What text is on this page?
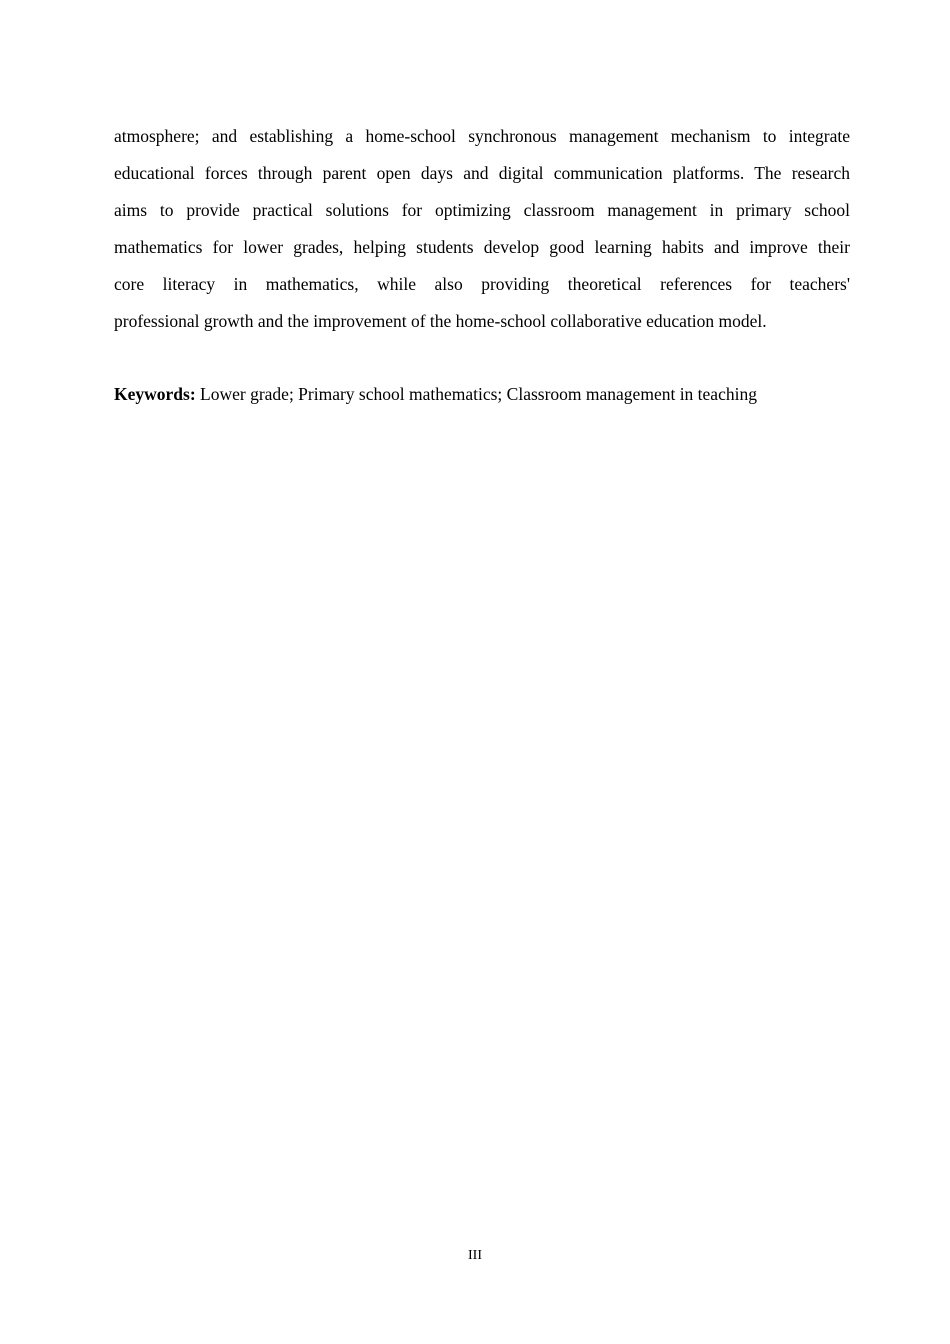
atmosphere; and establishing a home-school synchronous management mechanism to integrate
educational forces through parent open days and digital communication platforms. The research
aims to provide practical solutions for optimizing classroom management in primary school
mathematics for lower grades, helping students develop good learning habits and improve their
core literacy in mathematics, while also providing theoretical references for teachers'
professional growth and the improvement of the home-school collaborative education model.

Keywords: Lower grade; Primary school mathematics; Classroom management in teaching

III
